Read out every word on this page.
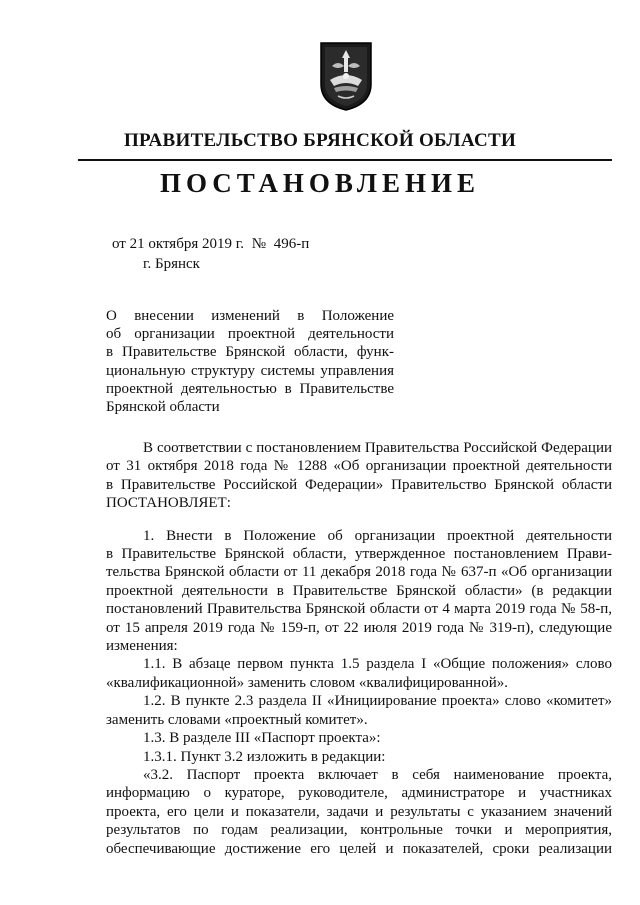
ПРАВИТЕЛЬСТВО БРЯНСКОЙ ОБЛАСТИ
ПОСТАНОВЛЕНИЕ
от 21 октября 2019 г. № 496-п
г. Брянск
О внесении изменений в Положение
об организации проектной деятельности
в Правительстве Брянской области, функ-
циональную структуру системы управления
проектной деятельностью в Правительстве
Брянской области
В соответствии с постановлением Правительства Российской Федерации
от 31 октября 2018 года № 1288 «Об организации проектной деятельности
в Правительстве Российской Федерации» Правительство Брянской области
ПОСТАНОВЛЯЕТ:
1. Внести в Положение об организации проектной деятельности
в Правительстве Брянской области, утвержденное постановлением Прави-
тельства Брянской области от 11 декабря 2018 года № 637-п «Об организации
проектной деятельности в Правительстве Брянской области» (в редакции
постановлений Правительства Брянской области от 4 марта 2019 года № 58-п,
от 15 апреля 2019 года № 159-п, от 22 июля 2019 года № 319-п), следующие
изменения:
1.1. В абзаце первом пункта 1.5 раздела I «Общие положения» слово
«квалификационной» заменить словом «квалифицированной».
1.2. В пункте 2.3 раздела II «Инициирование проекта» слово «комитет»
заменить словами «проектный комитет».
1.3. В разделе III «Паспорт проекта»:
1.3.1. Пункт 3.2 изложить в редакции:
«3.2. Паспорт проекта включает в себя наименование проекта,
информацию о кураторе, руководителе, администраторе и участниках
проекта, его цели и показатели, задачи и результаты с указанием значений
результатов по годам реализации, контрольные точки и мероприятия,
обеспечивающие достижение его целей и показателей, сроки реализации
